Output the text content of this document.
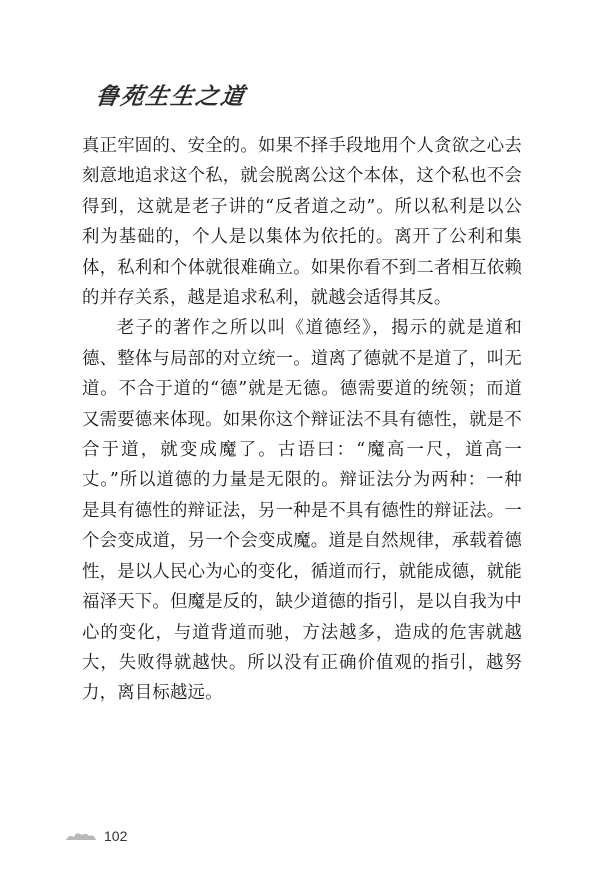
鲁苑生生之道

真正牢固的、安全的。如果不择手段地用个人贪欲之心去刻意地追求这个私，就会脱离公这个本体，这个私也不会得到，这就是老子讲的“反者道之动”。所以私利是以公利为基础的，个人是以集体为依托的。离开了公利和集体，私利和个体就很难确立。如果你看不到二者相互依赖的并存关系，越是追求私利，就越会适得其反。

老子的著作之所以叫《道德经》，揭示的就是道和德、整体与局部的对立统一。道离了德就不是道了，叫无道。不合于道的“德”就是无德。德需要道的统领；而道又需要德来体现。如果你这个辩证法不具有德性，就是不合于道，就变成魔了。古语曰：“魔高一尺，道高一丈。”所以道德的力量是无限的。辩证法分为两种：一种是具有德性的辩证法，另一种是不具有德性的辩证法。一个会变成道，另一个会变成魔。道是自然规律，承载着德性，是以人民心为心的变化，循道而行，就能成德，就能福泽天下。但魔是反的，缺少道德的指引，是以自我为中心的变化，与道背道而驰，方法越多，造成的危害就越大，失败得就越快。所以没有正确价值观的指引，越努力，离目标越远。

102
